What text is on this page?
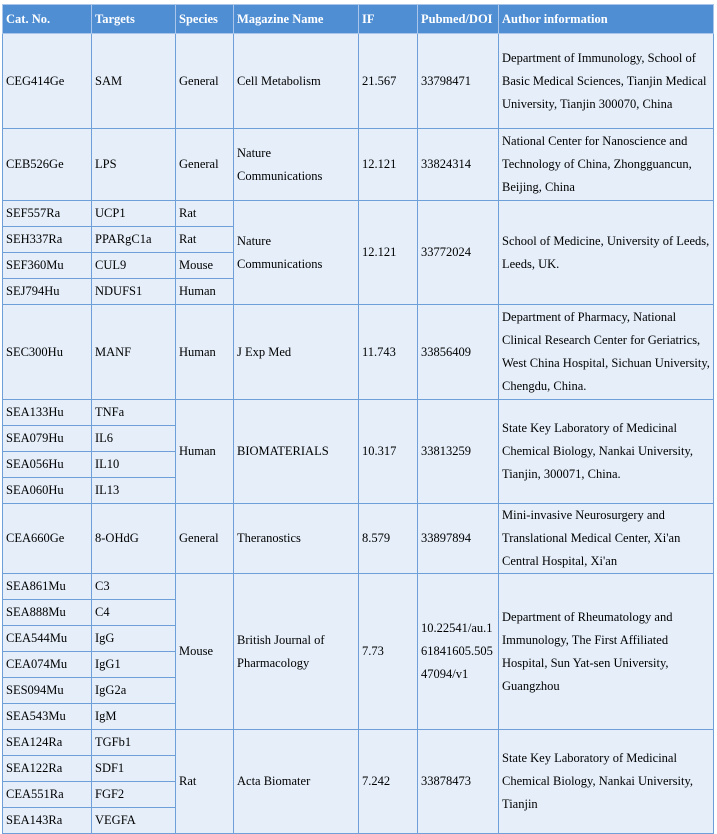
Cat. No.	Targets	Species	Magazine Name	IF	Pubmed/DOI	Author information
CEG414Ge	SAM	General	Cell Metabolism	21.567	33798471	Department of Immunology, School of Basic Medical Sciences, Tianjin Medical University, Tianjin 300070, China
CEB526Ge	LPS	General	Nature Communications	12.121	33824314	National Center for Nanoscience and Technology of China, Zhongguancun, Beijing, China
SEF557Ra	UCP1	Rat	Nature Communications	12.121	33772024	School of Medicine, University of Leeds, Leeds, UK.
SEH337Ra	PPARgC1a	Rat				
SEF360Mu	CUL9	Mouse				
SEJ794Hu	NDUFS1	Human				
SEC300Hu	MANF	Human	J Exp Med	11.743	33856409	Department of Pharmacy, National Clinical Research Center for Geriatrics, West China Hospital, Sichuan University, Chengdu, China.
SEA133Hu	TNFa	Human	BIOMATERIALS	10.317	33813259	State Key Laboratory of Medicinal Chemical Biology, Nankai University, Tianjin, 300071, China.
SEA079Hu	IL6					
SEA056Hu	IL10					
SEA060Hu	IL13					
CEA660Ge	8-OHdG	General	Theranostics	8.579	33897894	Mini-invasive Neurosurgery and Translational Medical Center, Xi'an Central Hospital, Xi'an
SEA861Mu	C3	Mouse	British Journal of Pharmacology	7.73	10.22541/au.161841605.50547094/v1	Department of Rheumatology and Immunology, The First Affiliated Hospital, Sun Yat-sen University, Guangzhou
SEA888Mu	C4					
CEA544Mu	IgG					
CEA074Mu	IgG1					
SES094Mu	IgG2a					
SEA543Mu	IgM					
SEA124Ra	TGFb1	Rat	Acta Biomater	7.242	33878473	State Key Laboratory of Medicinal Chemical Biology, Nankai University, Tianjin
SEA122Ra	SDF1					
CEA551Ra	FGF2					
SEA143Ra	VEGFA					
